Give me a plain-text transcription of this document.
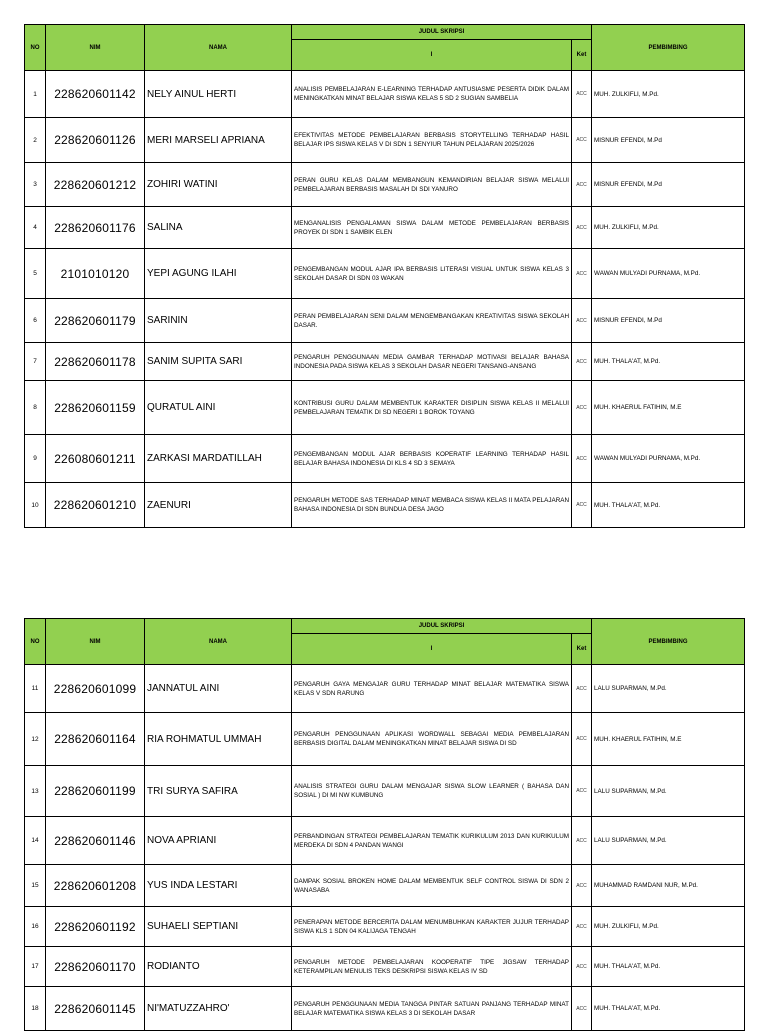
NO	NIM	NAMA	JUDUL SKRIPSI		PEMBIMBING
			I	Ket	
1	228620601142	NELY AINUL HERTI	ANALISIS PEMBELAJARAN E-LEARNING TERHADAP ANTUSIASME PESERTA DIDIK DALAM MENINGKATKAN MINAT BELAJAR SISWA KELAS 5 SD 2 SUGIAN SAMBELIA	ACC	MUH. ZULKIFLI, M.Pd.
2	228620601126	MERI MARSELI APRIANA	EFEKTIVITAS METODE PEMBELAJARAN BERBASIS STORYTELLING TERHADAP HASIL BELAJAR IPS SISWA KELAS V DI SDN 1 SENYIUR TAHUN PELAJARAN 2025/2026	ACC	MISNUR EFENDI, M.Pd
3	228620601212	ZOHIRI WATINI	PERAN GURU KELAS DALAM MEMBANGUN KEMANDIRIAN BELAJAR SISWA MELALUI PEMBELAJARAN BERBASIS MASALAH DI SDI YANURO	ACC	MISNUR EFENDI, M.Pd
4	228620601176	SALINA	MENGANALISIS PENGALAMAN SISWA DALAM METODE PEMBELAJARAN BERBASIS PROYEK DI SDN 1 SAMBIK ELEN	ACC	MUH. ZULKIFLI, M.Pd.
5	2101010120	YEPI AGUNG ILAHI	PENGEMBANGAN MODUL AJAR IPA BERBASIS LITERASI VISUAL UNTUK SISWA KELAS 3 SEKOLAH DASAR DI SDN 03 WAKAN	ACC	WAWAN MULYADI PURNAMA, M.Pd.
6	228620601179	SARININ	PERAN PEMBELAJARAN SENI DALAM MENGEMBANGAKAN KREATIVITAS SISWA SEKOLAH DASAR.	ACC	MISNUR EFENDI, M.Pd
7	228620601178	SANIM SUPITA SARI	PENGARUH PENGGUNAAN MEDIA GAMBAR TERHADAP MOTIVASI BELAJAR BAHASA INDONESIA PADA SISWA KELAS 3 SEKOLAH DASAR NEGERI TANSANG-ANSANG	ACC	MUH. THALA'AT, M.Pd.
8	228620601159	QURATUL AINI	KONTRIBUSI GURU DALAM MEMBENTUK KARAKTER DISIPLIN SISWA KELAS II MELALUI PEMBELAJARAN TEMATIK DI SD NEGERI 1 BOROK TOYANG	ACC	MUH. KHAERUL FATIHIN, M.E
9	226080601211	ZARKASI MARDATILLAH	PENGEMBANGAN MODUL AJAR BERBASIS KOPERATIF LEARNING TERHADAP HASIL BELAJAR BAHASA INDONESIA DI KLS 4 SD 3 SEMAYA	ACC	WAWAN MULYADI PURNAMA, M.Pd.
10	228620601210	ZAENURI	PENGARUH METODE SAS TERHADAP MINAT MEMBACA SISWA KELAS II MATA PELAJARAN BAHASA INDONESIA DI SDN BUNDUA DESA JAGO	ACC	MUH. THALA'AT, M.Pd.
NO	NIM	NAMA	JUDUL SKRIPSI		PEMBIMBING
			I	Ket	
11	228620601099	JANNATUL AINI	PENGARUH GAYA MENGAJAR GURU TERHADAP MINAT BELAJAR MATEMATIKA SISWA KELAS V SDN RARUNG	ACC	LALU SUPARMAN, M.Pd.
12	228620601164	RIA ROHMATUL UMMAH	PENGARUH PENGGUNAAN APLIKASI WORDWALL SEBAGAI MEDIA PEMBELAJARAN BERBASIS DIGITAL DALAM MENINGKATKAN MINAT BELAJAR SISWA DI SD	ACC	MUH. KHAERUL FATIHIN, M.E
13	228620601199	TRI SURYA SAFIRA	ANALISIS STRATEGI GURU DALAM MENGAJAR SISWA SLOW LEARNER ( BAHASA DAN SOSIAL ) DI MI NW KUMBUNG	ACC	LALU SUPARMAN, M.Pd.
14	228620601146	NOVA APRIANI	PERBANDINGAN STRATEGI PEMBELAJARAN TEMATIK KURIKULUM 2013 DAN KURIKULUM MERDEKA DI SDN 4 PANDAN WANGI	ACC	LALU SUPARMAN, M.Pd.
15	228620601208	YUS INDA LESTARI	DAMPAK SOSIAL BROKEN HOME DALAM MEMBENTUK SELF CONTROL SISWA DI SDN 2 WANASABA	ACC	MUHAMMAD RAMDANI NUR, M.Pd.
16	228620601192	SUHAELI SEPTIANI	PENERAPAN METODE BERCERITA DALAM MENUMBUHKAN KARAKTER JUJUR TERHADAP SISWA KLS 1 SDN 04 KALIJAGA TENGAH	ACC	MUH. ZULKIFLI, M.Pd.
17	228620601170	RODIANTO	PENGARUH METODE PEMBELAJARAN KOOPERATIF TIPE JIGSAW TERHADAP KETERAMPILAN MENULIS TEKS DESKRIPSI SISWA KELAS IV SD	ACC	MUH. THALA'AT, M.Pd.
18	228620601145	NI'MATUZZAHRO'	PENGARUH PENGGUNAAN MEDIA TANGGA PINTAR SATUAN PANJANG TERHADAP MINAT BELAJAR MATEMATIKA SISWA KELAS 3 DI SEKOLAH DASAR	ACC	MUH. THALA'AT, M.Pd.
